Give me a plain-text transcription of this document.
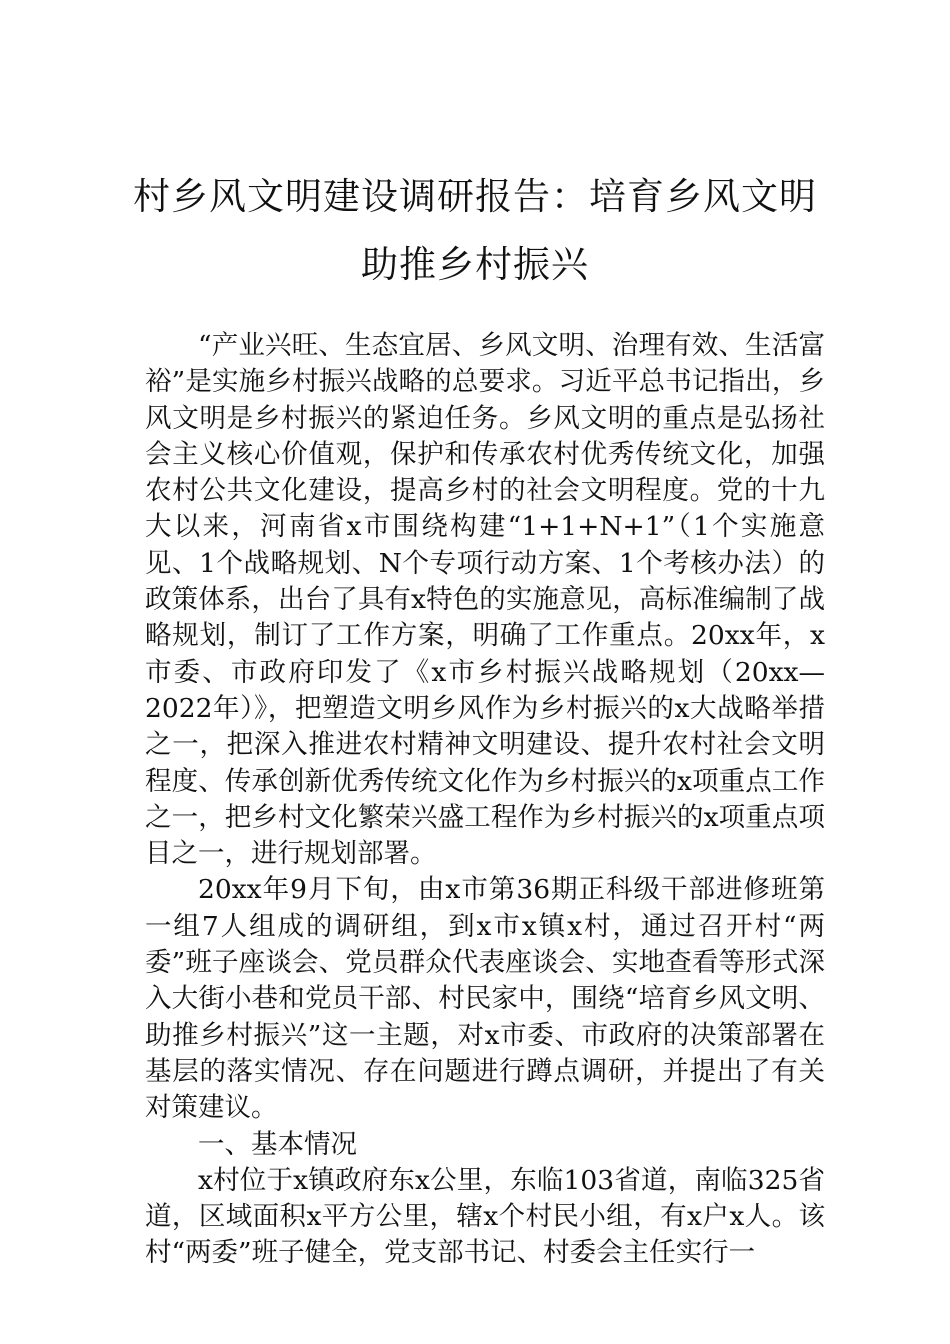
村乡风文明建设调研报告：培育乡风文明
助推乡村振兴

“产业兴旺、生态宜居、乡风文明、治理有效、生活富裕”是实施乡村振兴战略的总要求。习近平总书记指出，乡风文明是乡村振兴的紧迫任务。乡风文明的重点是弘扬社会主义核心价值观，保护和传承农村优秀传统文化，加强农村公共文化建设，提高乡村的社会文明程度。党的十九大以来，河南省x市围绕构建“1+1+N+1”（1个实施意见、1个战略规划、N个专项行动方案、1个考核办法）的政策体系，出台了具有x特色的实施意见，高标准编制了战略规划，制订了工作方案，明确了工作重点。20xx年，x市委、市政府印发了《x市乡村振兴战略规划（20xx—2022年）》，把塑造文明乡风作为乡村振兴的x大战略举措之一，把深入推进农村精神文明建设、提升农村社会文明程度、传承创新优秀传统文化作为乡村振兴的x项重点工作之一，把乡村文化繁荣兴盛工程作为乡村振兴的x项重点项目之一，进行规划部署。

20xx年9月下旬，由x市第36期正科级干部进修班第一组7人组成的调研组，到x市x镇x村，通过召开村“两委”班子座谈会、党员群众代表座谈会、实地查看等形式深入大街小巷和党员干部、村民家中，围绕“培育乡风文明、助推乡村振兴”这一主题，对x市委、市政府的决策部署在基层的落实情况、存在问题进行蹲点调研，并提出了有关对策建议。

一、基本情况

x村位于x镇政府东x公里，东临103省道，南临325省道，区域面积x平方公里，辖x个村民小组，有x户x人。该村“两委”班子健全，党支部书记、村委会主任实行一
